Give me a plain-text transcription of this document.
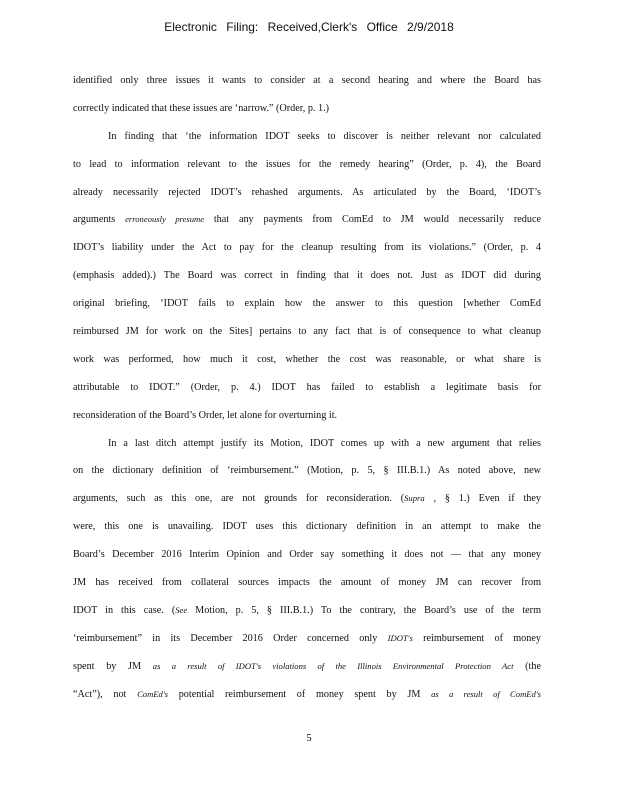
Electronic Filing: Received,Clerk's Office 2/9/2018
identified only three issues it wants to consider at a second hearing and where the Board has
correctly indicated that these issues are ‘narrow.” (Order, p. 1.)
In finding that ‘the information IDOT seeks to discover is neither relevant nor calculated
to lead to information relevant to the issues for the remedy hearing” (Order, p. 4), the Board
already necessarily rejected IDOT’s rehashed arguments. As articulated by the Board, ‘IDOT’s
arguments erroneously presume that any payments from ComEd to JM would necessarily reduce
IDOT’s liability under the Act to pay for the cleanup resulting from its violations.” (Order, p. 4
(emphasis added).) The Board was correct in finding that it does not. Just as IDOT did during
original briefing, ‘IDOT fails to explain how the answer to this question [whether ComEd
reimbursed JM for work on the Sites] pertains to any fact that is of consequence to what cleanup
work was performed, how much it cost, whether the cost was reasonable, or what share is
attributable to IDOT.” (Order, p. 4.) IDOT has failed to establish a legitimate basis for
reconsideration of the Board’s Order, let alone for overturning it.
In a last ditch attempt justify its Motion, IDOT comes up with a new argument that relies
on the dictionary definition of ‘reimbursement.” (Motion, p. 5, § III.B.1.) As noted above, new
arguments, such as this one, are not grounds for reconsideration. (Supra , § 1.) Even if they
were, this one is unavailing. IDOT uses this dictionary definition in an attempt to make the
Board’s December 2016 Interim Opinion and Order say something it does not — that any money
JM has received from collateral sources impacts the amount of money JM can recover from
IDOT in this case. (See Motion, p. 5, § III.B.1.) To the contrary, the Board’s use of the term
‘reimbursement” in its December 2016 Order concerned only IDOT's reimbursement of money
spent by JM as a result of IDOT's violations of the Illinois Environmental Protection Act (the
“Act”), not ComEd's potential reimbursement of money spent by JM as a result of ComEd's
5
